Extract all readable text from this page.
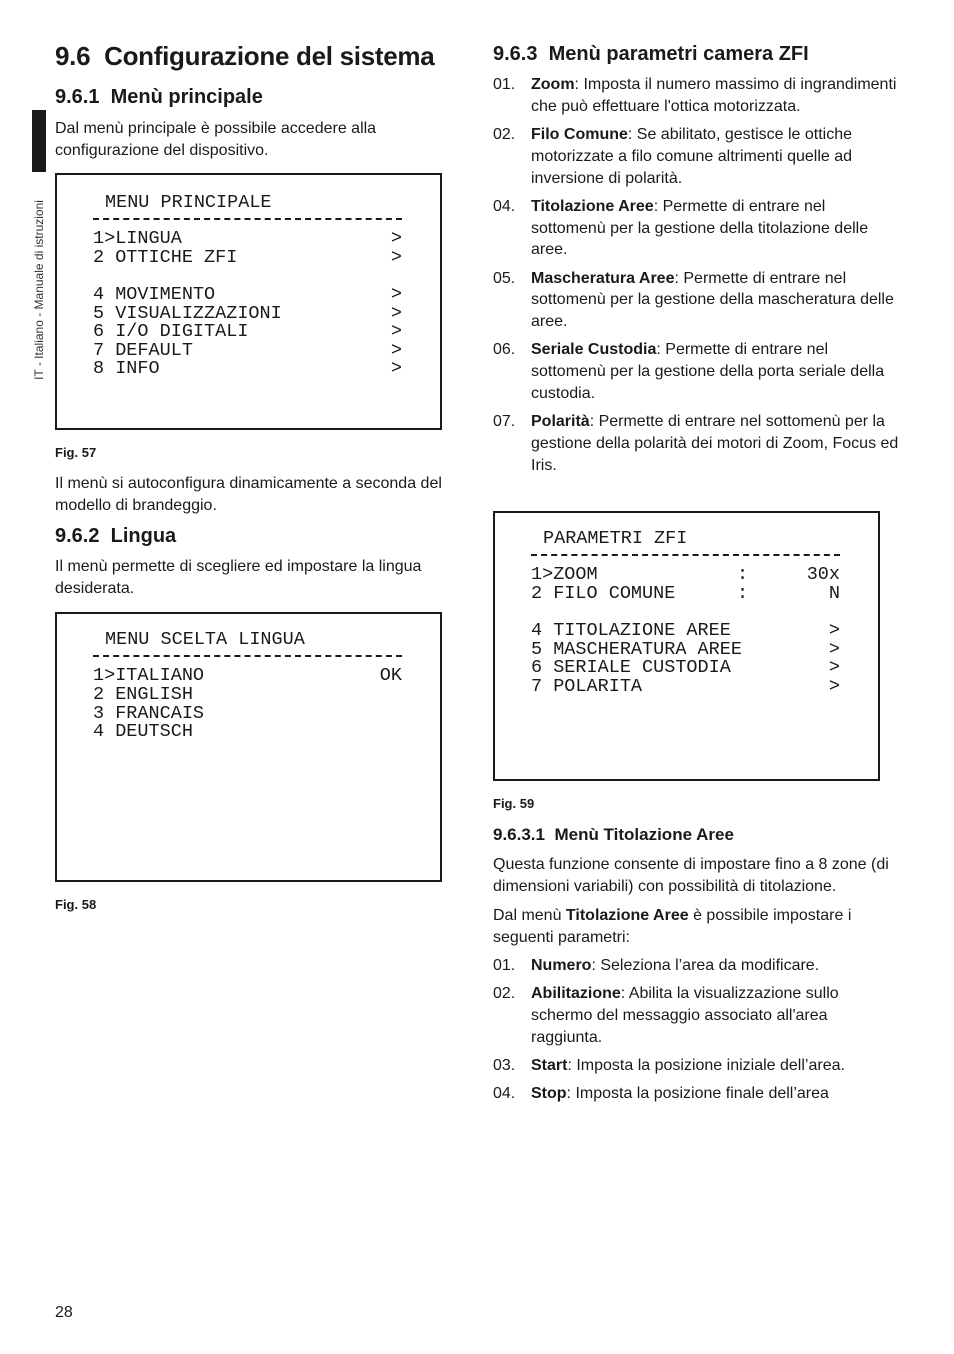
IT - Italiano - Manuale di istruzioni
9.6 Configurazione del sistema
9.6.1 Menù principale

Dal menù principale è possibile accedere alla configurazione del dispositivo.

MENU PRINCIPALE
1>LINGUA	>
2 OTTICHE ZFI	>
4 MOVIMENTO	>
5 VISUALIZZAZIONI	>
6 I/O DIGITALI	>
7 DEFAULT	>
8 INFO	>
Fig. 57

Il menù si autoconfigura dinamicamente a seconda del modello di brandeggio.

9.6.2 Lingua

Il menù permette di scegliere ed impostare la lingua desiderata.

MENU SCELTA LINGUA
1>ITALIANO	OK
2 ENGLISH
3 FRANCAIS
4 DEUTSCH
Fig. 58
9.6.3 Menù parametri camera ZFI
01. Zoom: Imposta il numero massimo di ingrandimenti che può effettuare l'ottica motorizzata.
02. Filo Comune: Se abilitato, gestisce le ottiche motorizzate a filo comune altrimenti quelle ad inversione di polarità.
04. Titolazione Aree: Permette di entrare nel sottomenù per la gestione della titolazione delle aree.
05. Mascheratura Aree: Permette di entrare nel sottomenù per la gestione della mascheratura delle aree.
06. Seriale Custodia: Permette di entrare nel sottomenù per la gestione della porta seriale della custodia.
07. Polarità: Permette di entrare nel sottomenù per la gestione della polarità dei motori di Zoom, Focus ed Iris.
PARAMETRI ZFI
1>ZOOM	:	30x
2 FILO COMUNE	:	N
4 TITOLAZIONE AREE	>
5 MASCHERATURA AREE	>
6 SERIALE CUSTODIA	>
7 POLARITA	>
Fig. 59
9.6.3.1 Menù Titolazione Aree

Questa funzione consente di impostare fino a 8 zone (di dimensioni variabili) con possibilità di titolazione.

Dal menù Titolazione Aree è possibile impostare i seguenti parametri:

01. Numero: Seleziona l’area da modificare.
02. Abilitazione: Abilita la visualizzazione sullo schermo del messaggio associato all'area raggiunta.
03. Start: Imposta la posizione iniziale dell’area.
04. Stop: Imposta la posizione finale dell’area
28
